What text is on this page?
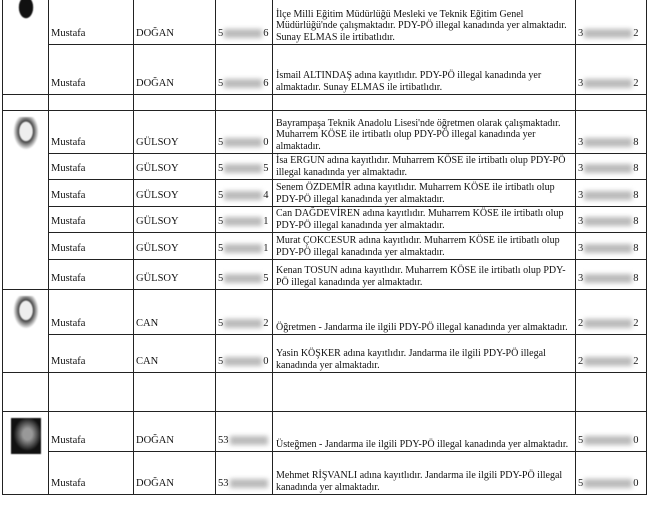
	Mustafa	DOĞAN	5 6	İlçe Milli Eğitim Müdürlüğü Mesleki ve Teknik Eğitim Genel Müdürlüğü'nde çalışmaktadır. PDY-PÖ illegal kanadında yer almaktadır. Sunay ELMAS ile irtibatlıdır.	3 2
	Mustafa	DOĞAN	5 6	İsmail ALTINDAŞ adına kayıtlıdır. PDY-PÖ illegal kanadında yer almaktadır. Sunay ELMAS ile irtibatlıdır.	3 2

	Mustafa	GÜLSOY	5 0	Bayrampaşa Teknik Anadolu Lisesi'nde öğretmen olarak çalışmaktadır. Muharrem KÖSE ile irtibatlı olup PDY-PÖ illegal kanadında yer almaktadır.	3 8
	Mustafa	GÜLSOY	5 5	İsa ERGUN adına kayıtlıdır. Muharrem KÖSE ile irtibatlı olup PDY-PÖ illegal kanadında yer almaktadır.	3 8
	Mustafa	GÜLSOY	5 4	Senem ÖZDEMİR adına kayıtlıdır. Muharrem KÖSE ile irtibatlı olup PDY-PÖ illegal kanadında yer almaktadır.	3 8
	Mustafa	GÜLSOY	5 1	Can DAĞDEVİREN adına kayıtlıdır. Muharrem KÖSE ile irtibatlı olup PDY-PÖ illegal kanadında yer almaktadır.	3 8
	Mustafa	GÜLSOY	5 1	Murat ÇOKCESUR adına kayıtlıdır. Muharrem KÖSE ile irtibatlı olup PDY-PÖ illegal kanadında yer almaktadır.	3 8
	Mustafa	GÜLSOY	5 5	Kenan TOSUN adına kayıtlıdır. Muharrem KÖSE ile irtibatlı olup PDY-PÖ illegal kanadında yer almaktadır.	3 8

	Mustafa	CAN	5 2	Öğretmen - Jandarma ile ilgili PDY-PÖ illegal kanadında yer almaktadır.	2 2
	Mustafa	CAN	5 0	Yasin KÖŞKER adına kayıtlıdır. Jandarma ile ilgili PDY-PÖ illegal kanadında yer almaktadır.	2 2

	Mustafa	DOĞAN	53	Üsteğmen - Jandarma ile ilgili PDY-PÖ illegal kanadında yer almaktadır.	5 0
	Mustafa	DOĞAN	53	Mehmet RİŞVANLI adına kayıtlıdır. Jandarma ile ilgili PDY-PÖ illegal kanadında yer almaktadır.	5 0
